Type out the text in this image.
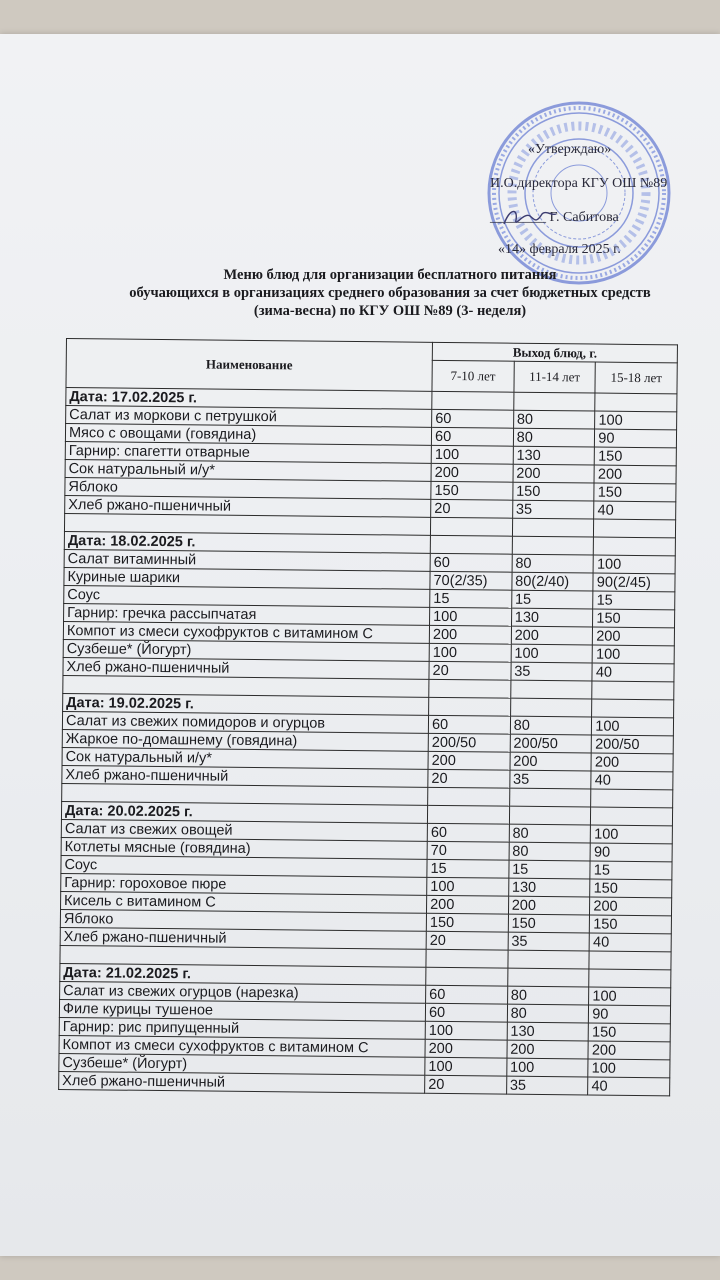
«Утверждаю»
И.О.директора КГУ ОШ №89
________ Г. Сабитова
«14» февраля 2025 г.
Меню блюд для организации бесплатного питания
обучающихся в организациях среднего образования за счет бюджетных средств
(зима-весна) по КГУ ОШ №89 (3- неделя)
Наименование	Выход блюд, г.		
	7-10 лет	11-14 лет	15-18 лет
Дата: 17.02.2025 г.			
Салат из моркови с петрушкой	60	80	100
Мясо с овощами (говядина)	60	80	90
Гарнир: спагетти отварные	100	130	150
Сок натуральный и/у*	200	200	200
Яблоко	150	150	150
Хлеб ржано-пшеничный	20	35	40

Дата: 18.02.2025 г.			
Салат витаминный	60	80	100
Куриные шарики	70(2/35)	80(2/40)	90(2/45)
Соус	15	15	15
Гарнир: гречка рассыпчатая	100	130	150
Компот из смеси сухофруктов с витамином С	200	200	200
Сузбеше* (Йогурт)	100	100	100
Хлеб ржано-пшеничный	20	35	40

Дата: 19.02.2025 г.			
Салат из свежих помидоров и огурцов	60	80	100
Жаркое по-домашнему (говядина)	200/50	200/50	200/50
Сок натуральный и/у*	200	200	200
Хлеб ржано-пшеничный	20	35	40

Дата: 20.02.2025 г.			
Салат из свежих овощей	60	80	100
Котлеты мясные (говядина)	70	80	90
Соус	15	15	15
Гарнир: гороховое пюре	100	130	150
Кисель с витамином С	200	200	200
Яблоко	150	150	150
Хлеб ржано-пшеничный	20	35	40

Дата: 21.02.2025 г.			
Салат из свежих огурцов (нарезка)	60	80	100
Филе курицы тушеное	60	80	90
Гарнир: рис припущенный	100	130	150
Компот из смеси сухофруктов с витамином С	200	200	200
Сузбеше* (Йогурт)	100	100	100
Хлеб ржано-пшеничный	20	35	40
